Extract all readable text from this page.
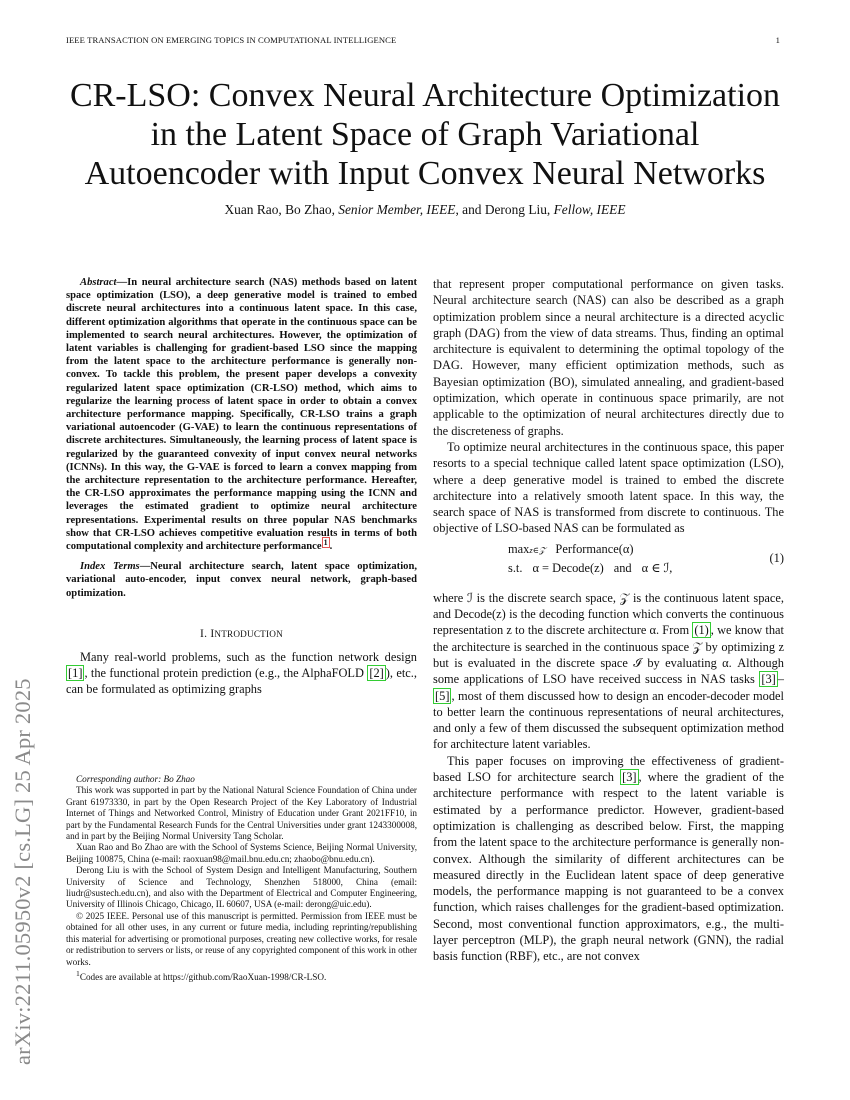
IEEE TRANSACTION ON EMERGING TOPICS IN COMPUTATIONAL INTELLIGENCE	1
arXiv:2211.05950v2 [cs.LG] 25 Apr 2025
CR-LSO: Convex Neural Architecture Optimization
in the Latent Space of Graph Variational
Autoencoder with Input Convex Neural Networks
Xuan Rao, Bo Zhao, Senior Member, IEEE, and Derong Liu, Fellow, IEEE

Abstract—In neural architecture search (NAS) methods based on latent space optimization (LSO), a deep generative model is trained to embed discrete neural architectures into a continuous latent space. In this case, different optimization algorithms that operate in the continuous space can be implemented to search neural architectures. However, the optimization of latent variables is challenging for gradient-based LSO since the mapping from the latent space to the architecture performance is generally non-convex. To tackle this problem, the present paper develops a convexity regularized latent space optimization (CR-LSO) method, which aims to regularize the learning process of latent space in order to obtain a convex architecture performance mapping. Specifically, CR-LSO trains a graph variational autoencoder (G-VAE) to learn the continuous representations of discrete architectures. Simultaneously, the learning process of latent space is regularized by the guaranteed convexity of input convex neural networks (ICNNs). In this way, the G-VAE is forced to learn a convex mapping from the architecture representation to the architecture performance. Hereafter, the CR-LSO approximates the performance mapping using the ICNN and leverages the estimated gradient to optimize neural architecture representations. Experimental results on three popular NAS benchmarks show that CR-LSO achieves competitive evaluation results in terms of both computational complexity and architecture performance $^1$ .

Index Terms—Neural architecture search, latent space optimization, variational auto-encoder, input convex neural network, graph-based optimization.

I. INTRODUCTION

Many real-world problems, such as the function network design [1] , the functional protein prediction (e.g., the AlphaFOLD [2] ), etc., can be formulated as optimizing graphs

Corresponding author: Bo Zhao

This work was supported in part by the National Natural Science Foundation of China under Grant 61973330, in part by the Open Research Project of the Key Laboratory of Industrial Internet of Things and Networked Control, Ministry of Education under Grant 2021FF10, in part by the Fundamental Research Funds for the Central Universities under grant 1243300008, and in part by the Beijing Normal University Tang Scholar.

Xuan Rao and Bo Zhao are with the School of Systems Science, Beijing Normal University, Beijing 100875, China (e-mail: raoxuan98@mail.bnu.edu.cn; zhaobo@bnu.edu.cn).

Derong Liu is with the School of System Design and Intelligent Manufacturing, Southern University of Science and Technology, Shenzhen 518000, China (email: liudr@sustech.edu.cn), and also with the Department of Electrical and Computer Engineering, University of Illinois Chicago, Chicago, IL 60607, USA (e-mail: derong@uic.edu).

© 2025 IEEE. Personal use of this manuscript is permitted. Permission from IEEE must be obtained for all other uses, in any current or future media, including reprinting/republishing this material for advertising or promotional purposes, creating new collective works, for resale or redistribution to servers or lists, or reuse of any copyrighted component of this work in other works.

$^1$Codes are available at https://github.com/RaoXuan-1998/CR-LSO.

that represent proper computational performance on given tasks. Neural architecture search (NAS) can also be described as a graph optimization problem since a neural architecture is a directed acyclic graph (DAG) from the view of data streams. Thus, finding an optimal architecture is equivalent to determining the optimal topology of the DAG. However, many efficient optimization methods, such as Bayesian optimization (BO), simulated annealing, and gradient-based optimization, which operate in continuous space primarily, are not applicable to the optimization of neural architectures directly due to the discreteness of graphs.

To optimize neural architectures in the continuous space, this paper resorts to a special technique called latent space optimization (LSO), where a deep generative model is trained to embed the discrete architecture into a relatively smooth latent space. In this way, the search space of NAS is transformed from discrete to continuous. The objective of LSO-based NAS can be formulated as

maxz∈𝒵 Performance(α)
s.t. α = Decode(z) and α ∈ ℐ,
(1)

where ℐ is the discrete search space, 𝒵 is the continuous latent space, and Decode(z) is the decoding function which converts the continuous representation z to the discrete architecture α. From (1) , we know that the architecture is searched in the continuous space 𝒵 by optimizing z but is evaluated in the discrete space ℐ by evaluating α. Although some applications of LSO have received success in NAS tasks [3] –[5] , most of them discussed how to design an encoder-decoder model to better learn the continuous representations of neural architectures, and only a few of them discussed the subsequent optimization method for architecture latent variables.

This paper focuses on improving the effectiveness of gradient-based LSO for architecture search [3] , where the gradient of the architecture performance with respect to the latent variable is estimated by a performance predictor. However, gradient-based optimization is challenging as described below. First, the mapping from the latent space to the architecture performance is generally non-convex. Although the similarity of different architectures can be measured directly in the Euclidean latent space of deep generative models, the performance mapping is not guaranteed to be a convex function, which raises challenges for the gradient-based optimization. Second, most conventional function approximators, e.g., the multi-layer perceptron (MLP), the graph neural network (GNN), the radial basis function (RBF), etc., are not convex
